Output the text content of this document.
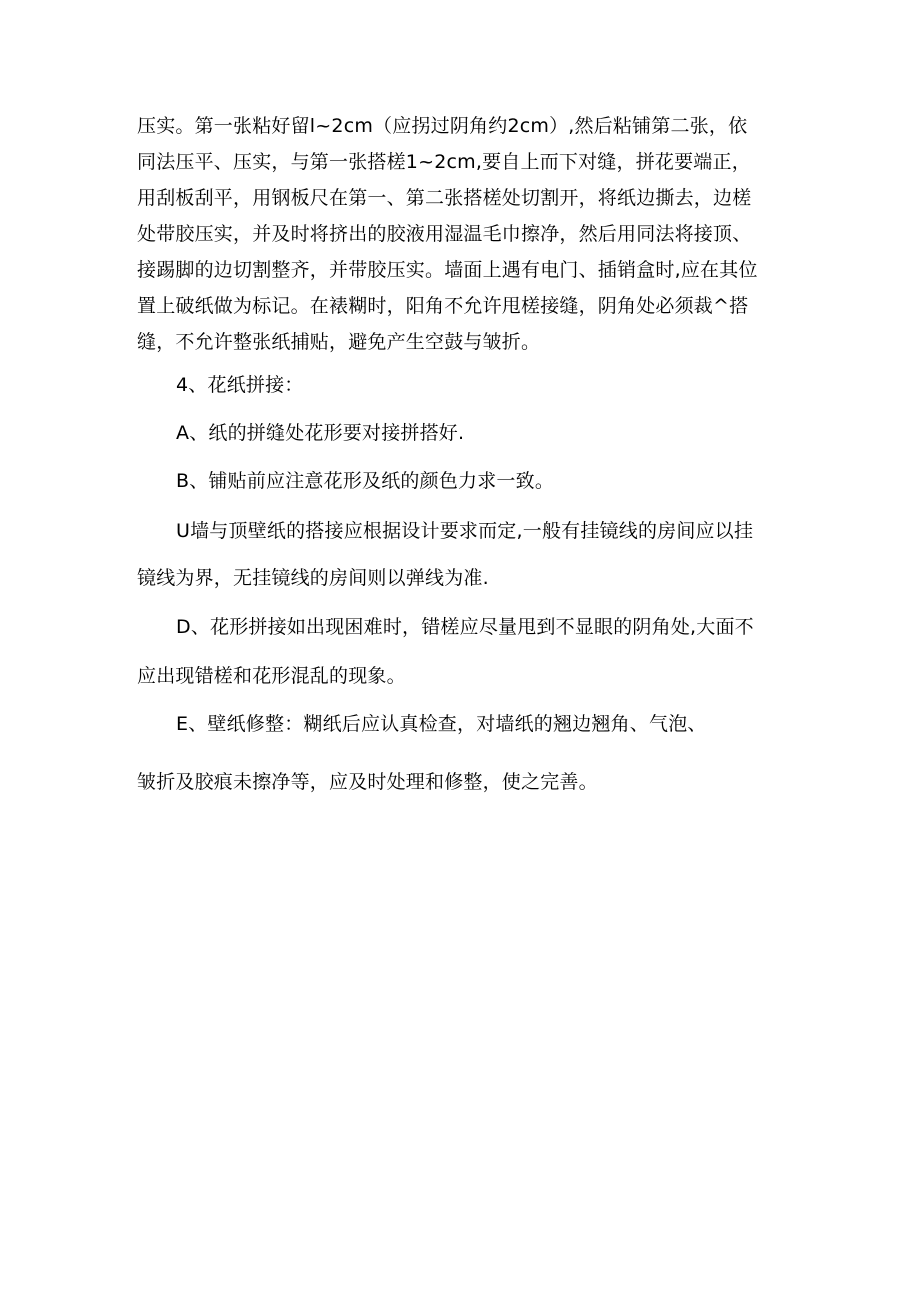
压实。第一张粘好留l~2cm（应拐过阴角约2cm）,然后粘铺第二张，依

同法压平、压实，与第一张搭槎1~2cm,要自上而下对缝，拼花要端正，

用刮板刮平，用钢板尺在第一、第二张搭槎处切割开，将纸边撕去，边槎

处带胶压实，并及时将挤出的胶液用湿温毛巾擦净，然后用同法将接顶、

接踢脚的边切割整齐，并带胶压实。墙面上遇有电门、插销盒时,应在其位

置上破纸做为标记。在裱糊时，阳角不允许甩槎接缝，阴角处必须裁^搭

缝，不允许整张纸捕贴，避免产生空鼓与皱折。

4、花纸拼接：

A、纸的拼缝处花形要对接拼搭好.

B、铺贴前应注意花形及纸的颜色力求一致。

U墙与顶壁纸的搭接应根据设计要求而定,一般有挂镜线的房间应以挂

镜线为界，无挂镜线的房间则以弹线为准.

D、花形拼接如出现困难时，错槎应尽量甩到不显眼的阴角处,大面不

应出现错槎和花形混乱的现象。

E、壁纸修整：糊纸后应认真检查，对墙纸的翘边翘角、气泡、

皱折及胶痕未擦净等，应及时处理和修整，使之完善。
